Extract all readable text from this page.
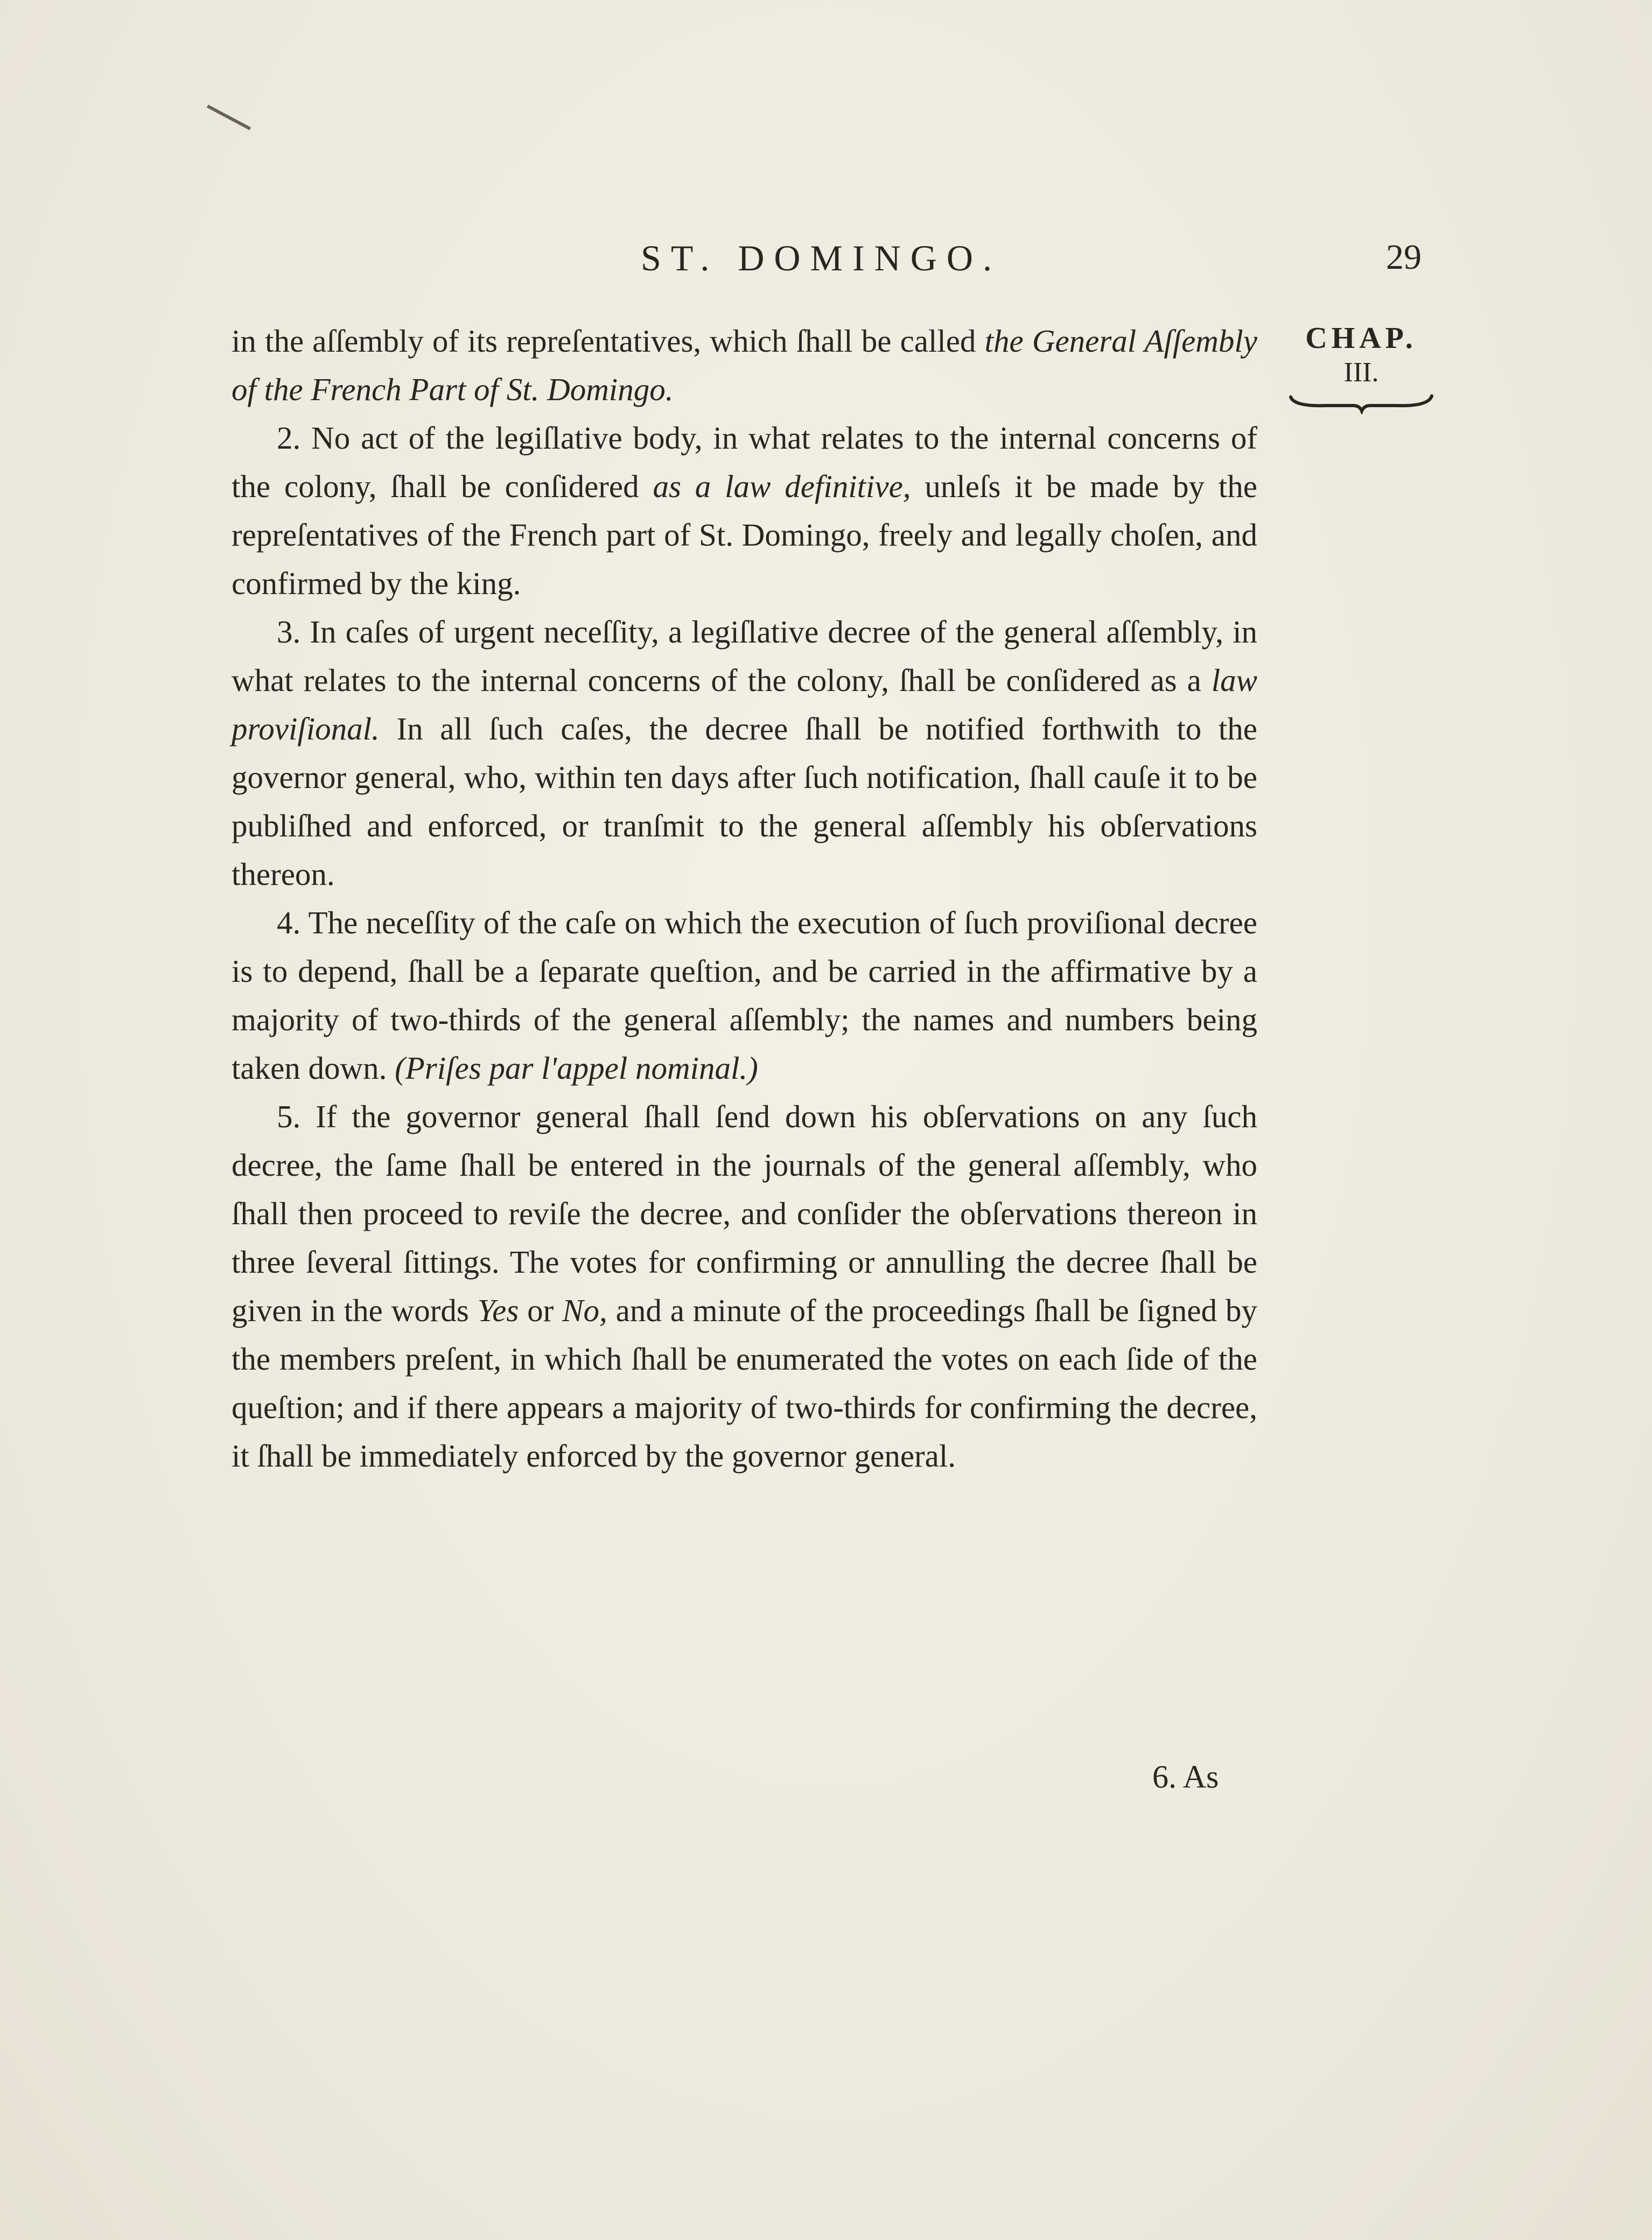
ST. DOMINGO.	29
CHAP.
III.

in the aſſembly of its repreſentatives, which ſhall be called the General Aſſembly of the French Part of St. Domingo.

2. No act of the legiſlative body, in what relates to the internal concerns of the colony, ſhall be conſidered as a law definitive, unleſs it be made by the repreſentatives of the French part of St. Domingo, freely and legally choſen, and confirmed by the king.

3. In caſes of urgent neceſſity, a legiſlative decree of the general aſſembly, in what relates to the internal concerns of the colony, ſhall be conſidered as a law proviſional. In all ſuch caſes, the decree ſhall be notified forthwith to the governor general, who, within ten days after ſuch notification, ſhall cauſe it to be publiſhed and enforced, or tranſmit to the general aſſembly his obſervations thereon.

4. The neceſſity of the caſe on which the execution of ſuch proviſional decree is to depend, ſhall be a ſeparate queſtion, and be carried in the affirmative by a majority of two-thirds of the general aſſembly; the names and numbers being taken down. (Priſes par l'appel nominal.)

5. If the governor general ſhall ſend down his obſervations on any ſuch decree, the ſame ſhall be entered in the journals of the general aſſembly, who ſhall then proceed to reviſe the decree, and conſider the obſervations thereon in three ſeveral ſittings. The votes for confirming or annulling the decree ſhall be given in the words Yes or No, and a minute of the proceedings ſhall be ſigned by the members preſent, in which ſhall be enumerated the votes on each ſide of the queſtion; and if there appears a majority of two-thirds for confirming the decree, it ſhall be immediately enforced by the governor general.

6. As
